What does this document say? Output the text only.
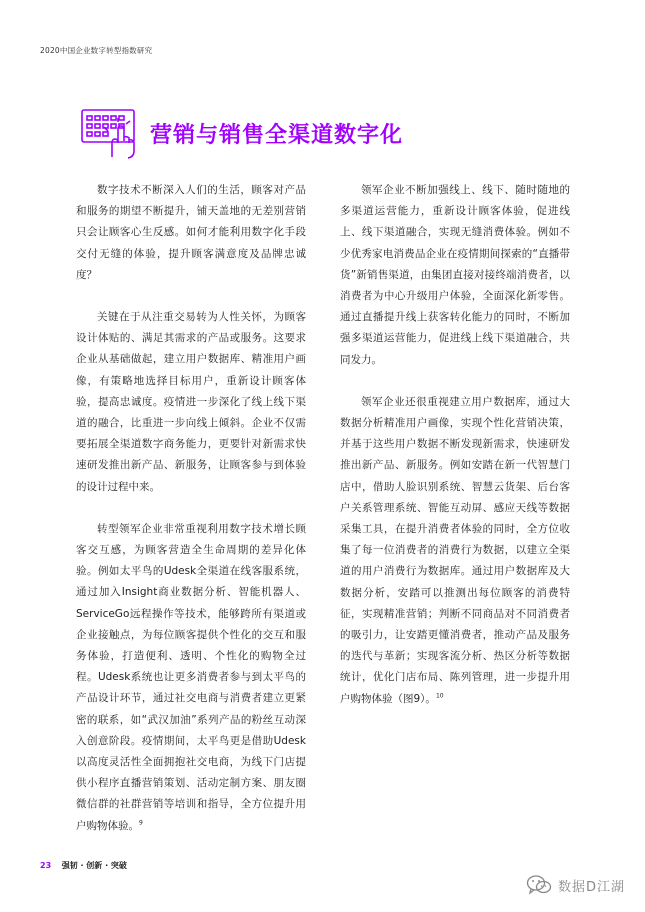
2020中国企业数字转型指数研究
营销与销售全渠道数字化

数字技术不断深入人们的生活，顾客对产品和服务的期望不断提升，铺天盖地的无差别营销只会让顾客心生反感。如何才能利用数字化手段交付无缝的体验，提升顾客满意度及品牌忠诚度？

关键在于从注重交易转为人性关怀，为顾客设计体贴的、满足其需求的产品或服务。这要求企业从基础做起，建立用户数据库、精准用户画像，有策略地选择目标用户，重新设计顾客体验，提高忠诚度。疫情进一步深化了线上线下渠道的融合，比重进一步向线上倾斜。企业不仅需要拓展全渠道数字商务能力，更要针对新需求快速研发推出新产品、新服务，让顾客参与到体验的设计过程中来。

转型领军企业非常重视利用数字技术增长顾客交互感，为顾客营造全生命周期的差异化体验。例如太平鸟的Udesk全渠道在线客服系统，通过加入Insight商业数据分析、智能机器人、ServiceGo远程操作等技术，能够跨所有渠道或企业接触点，为每位顾客提供个性化的交互和服务体验，打造便利、透明、个性化的购物全过程。Udesk系统也让更多消费者参与到太平鸟的产品设计环节，通过社交电商与消费者建立更紧密的联系，如“武汉加油”系列产品的粉丝互动深入创意阶段。疫情期间，太平鸟更是借助Udesk以高度灵活性全面拥抱社交电商，为线下门店提供小程序直播营销策划、活动定制方案、朋友圈微信群的社群营销等培训和指导，全方位提升用户购物体验。$^9$

领军企业不断加强线上、线下、随时随地的多渠道运营能力，重新设计顾客体验，促进线上、线下渠道融合，实现无缝消费体验。例如不少优秀家电消费品企业在疫情期间探索的“直播带货”新销售渠道，由集团直接对接终端消费者，以消费者为中心升级用户体验，全面深化新零售。通过直播提升线上获客转化能力的同时，不断加强多渠道运营能力，促进线上线下渠道融合，共同发力。

领军企业还很重视建立用户数据库，通过大数据分析精准用户画像，实现个性化营销决策，并基于这些用户数据不断发现新需求，快速研发推出新产品、新服务。例如安踏在新一代智慧门店中，借助人脸识别系统、智慧云货架、后台客户关系管理系统、智能互动屏、感应天线等数据采集工具，在提升消费者体验的同时，全方位收集了每一位消费者的消费行为数据，以建立全渠道的用户消费行为数据库。通过用户数据库及大数据分析，安踏可以推测出每位顾客的消费特征，实现精准营销；判断不同商品对不同消费者的吸引力，让安踏更懂消费者，推动产品及服务的迭代与革新；实现客流分析、热区分析等数据统计，优化门店布局、陈列管理，进一步提升用户购物体验（图9）。$^{10}$

23 强韧 · 创新 · 突破
数据D江湖
